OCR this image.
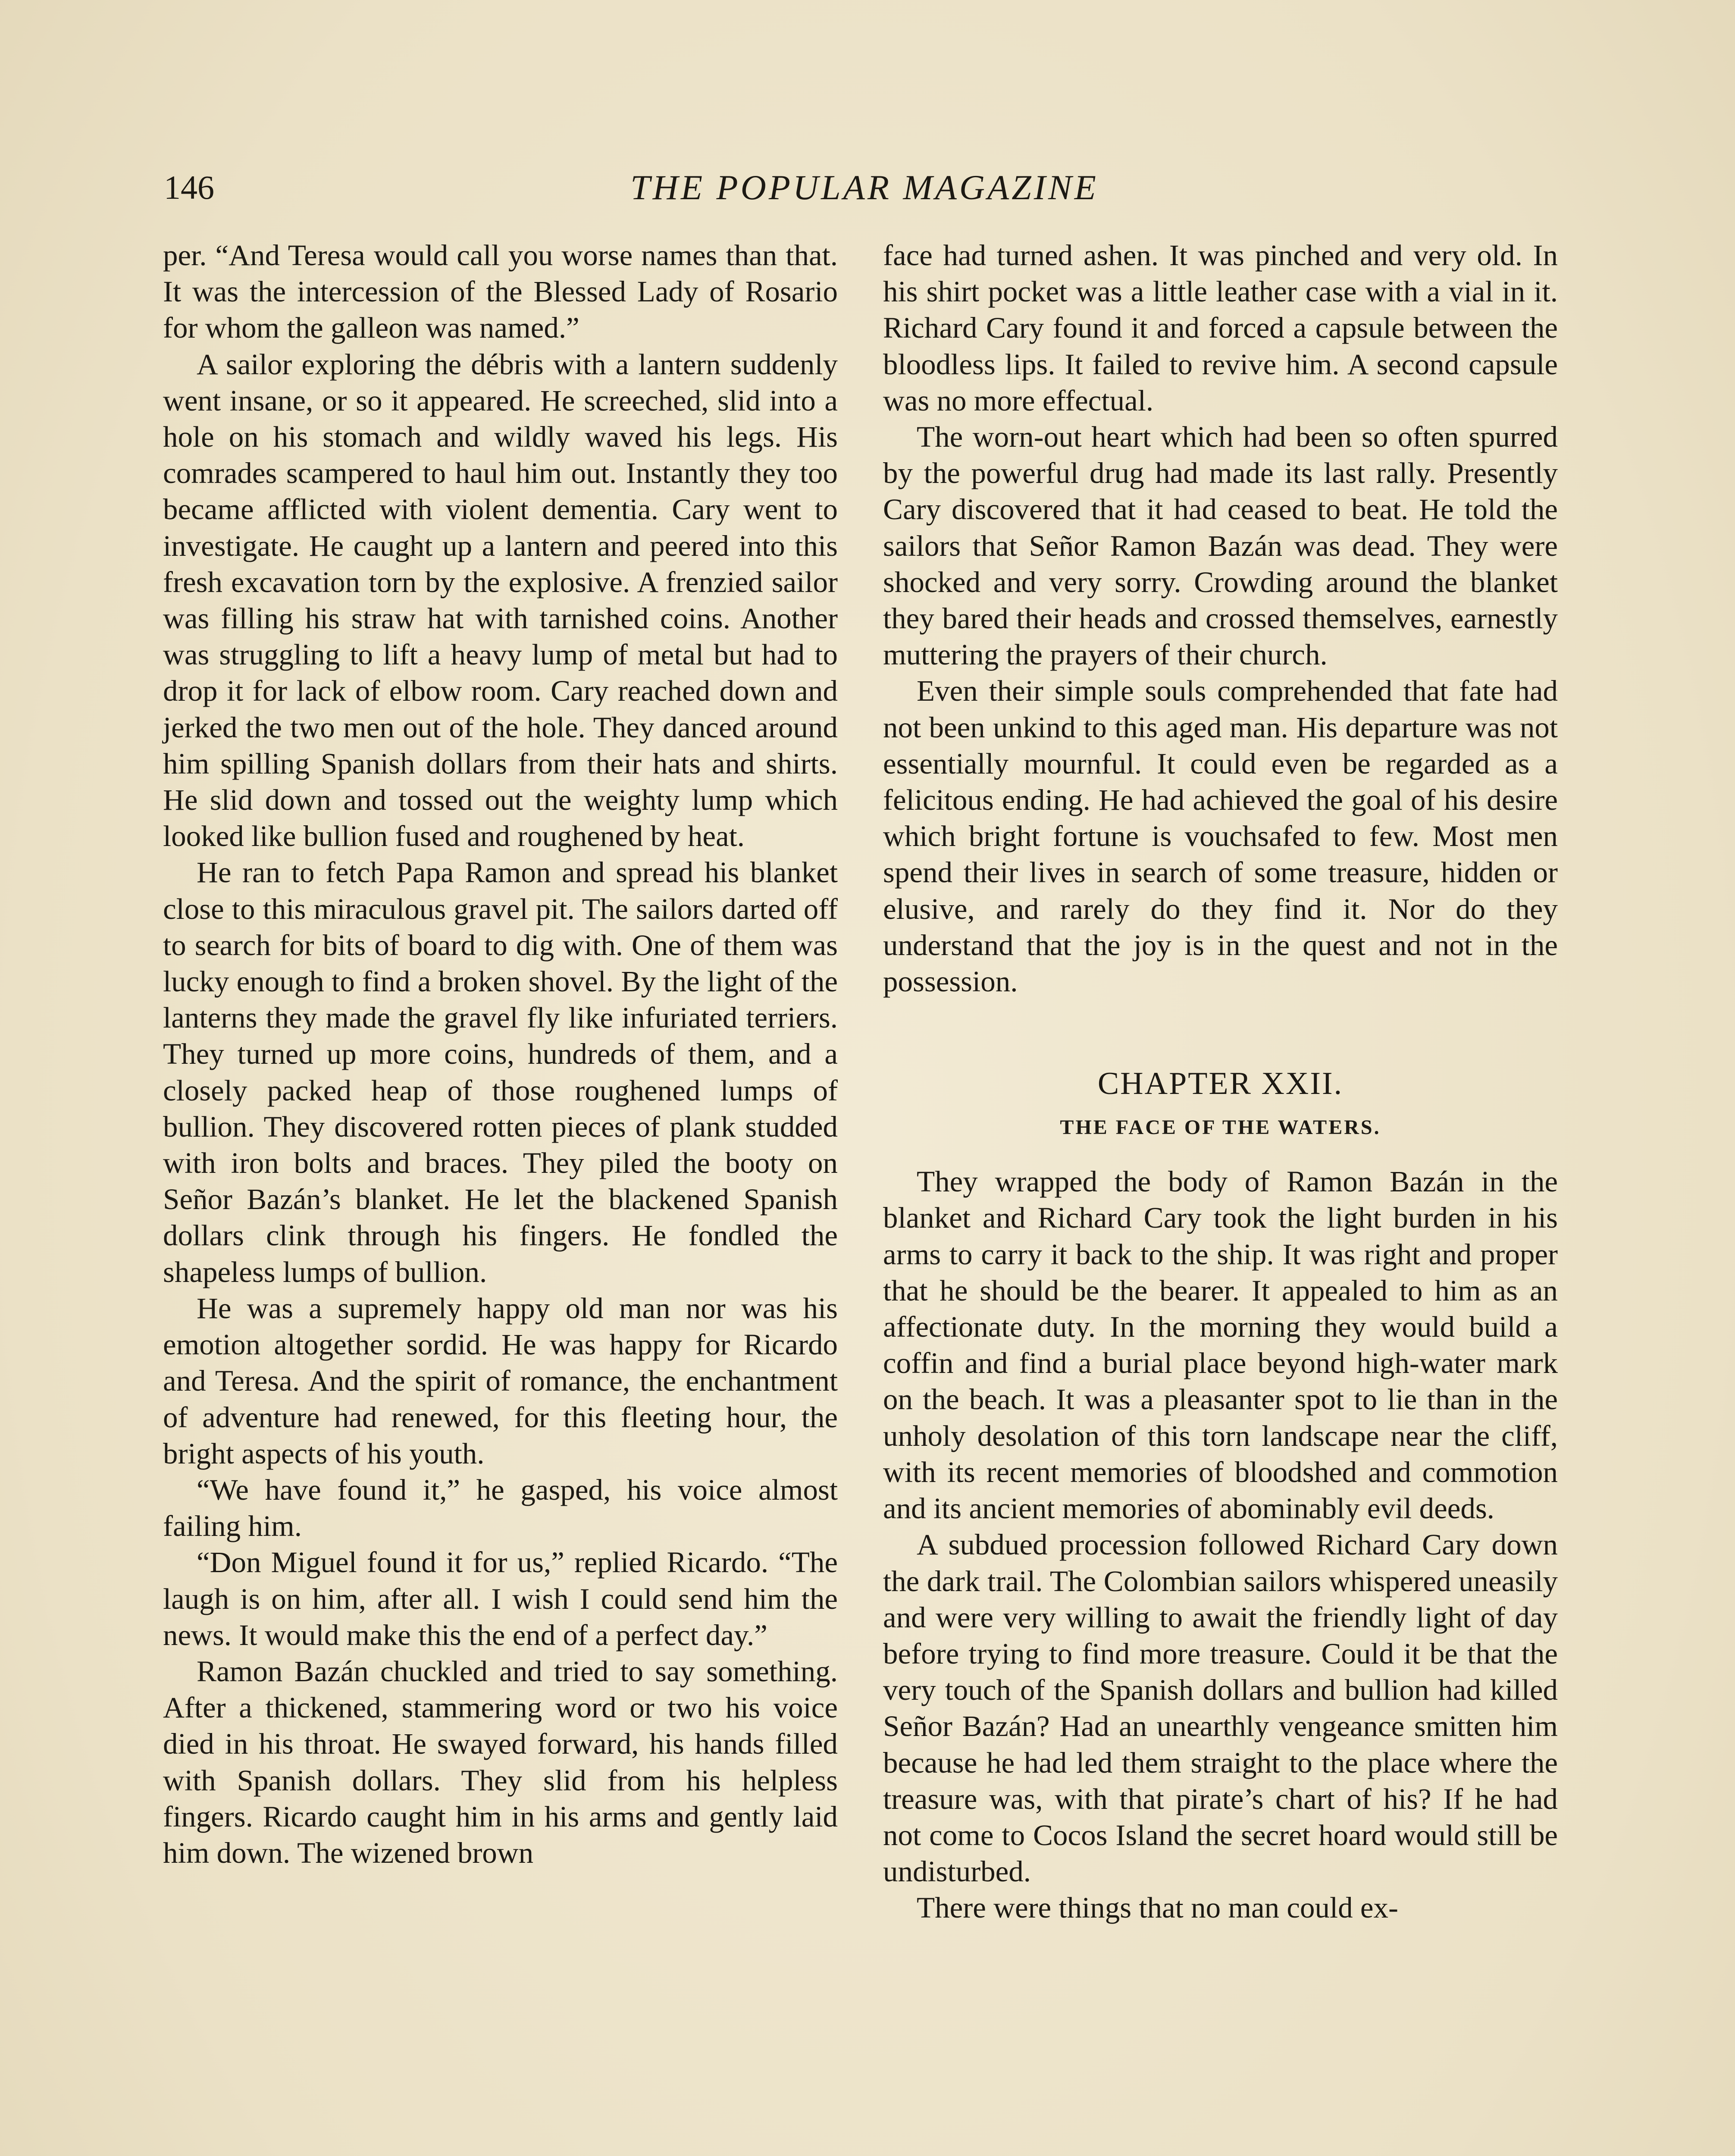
146	THE POPULAR MAGAZINE

per. “And Teresa would call you worse names than that. It was the intercession of the Blessed Lady of Rosario for whom the galleon was named.”

A sailor exploring the débris with a lantern suddenly went insane, or so it appeared. He screeched, slid into a hole on his stomach and wildly waved his legs. His comrades scampered to haul him out. Instantly they too became afflicted with violent dementia. Cary went to investigate. He caught up a lantern and peered into this fresh excavation torn by the explosive. A frenzied sailor was filling his straw hat with tarnished coins. Another was struggling to lift a heavy lump of metal but had to drop it for lack of elbow room. Cary reached down and jerked the two men out of the hole. They danced around him spilling Spanish dollars from their hats and shirts. He slid down and tossed out the weighty lump which looked like bullion fused and roughened by heat.

He ran to fetch Papa Ramon and spread his blanket close to this miraculous gravel pit. The sailors darted off to search for bits of board to dig with. One of them was lucky enough to find a broken shovel. By the light of the lanterns they made the gravel fly like infuriated terriers. They turned up more coins, hundreds of them, and a closely packed heap of those roughened lumps of bullion. They discovered rotten pieces of plank studded with iron bolts and braces. They piled the booty on Señor Bazán’s blanket. He let the blackened Spanish dollars clink through his fingers. He fondled the shapeless lumps of bullion.

He was a supremely happy old man nor was his emotion altogether sordid. He was happy for Ricardo and Teresa. And the spirit of romance, the enchantment of adventure had renewed, for this fleeting hour, the bright aspects of his youth.

“We have found it,” he gasped, his voice almost failing him.

“Don Miguel found it for us,” replied Ricardo. “The laugh is on him, after all. I wish I could send him the news. It would make this the end of a perfect day.”

Ramon Bazán chuckled and tried to say something. After a thickened, stammering word or two his voice died in his throat. He swayed forward, his hands filled with Spanish dollars. They slid from his helpless fingers. Ricardo caught him in his arms and gently laid him down. The wizened brown

face had turned ashen. It was pinched and very old. In his shirt pocket was a little leather case with a vial in it. Richard Cary found it and forced a capsule between the bloodless lips. It failed to revive him. A second capsule was no more effectual.

The worn-out heart which had been so often spurred by the powerful drug had made its last rally. Presently Cary discovered that it had ceased to beat. He told the sailors that Señor Ramon Bazán was dead. They were shocked and very sorry. Crowding around the blanket they bared their heads and crossed themselves, earnestly muttering the prayers of their church.

Even their simple souls comprehended that fate had not been unkind to this aged man. His departure was not essentially mournful. It could even be regarded as a felicitous ending. He had achieved the goal of his desire which bright fortune is vouchsafed to few. Most men spend their lives in search of some treasure, hidden or elusive, and rarely do they find it. Nor do they understand that the joy is in the quest and not in the possession.

CHAPTER XXII.
THE FACE OF THE WATERS.

They wrapped the body of Ramon Bazán in the blanket and Richard Cary took the light burden in his arms to carry it back to the ship. It was right and proper that he should be the bearer. It appealed to him as an affectionate duty. In the morning they would build a coffin and find a burial place beyond high-water mark on the beach. It was a pleasanter spot to lie than in the unholy desolation of this torn landscape near the cliff, with its recent memories of bloodshed and commotion and its ancient memories of abominably evil deeds.

A subdued procession followed Richard Cary down the dark trail. The Colombian sailors whispered uneasily and were very willing to await the friendly light of day before trying to find more treasure. Could it be that the very touch of the Spanish dollars and bullion had killed Señor Bazán? Had an unearthly vengeance smitten him because he had led them straight to the place where the treasure was, with that pirate’s chart of his? If he had not come to Cocos Island the secret hoard would still be undisturbed.

There were things that no man could ex-
